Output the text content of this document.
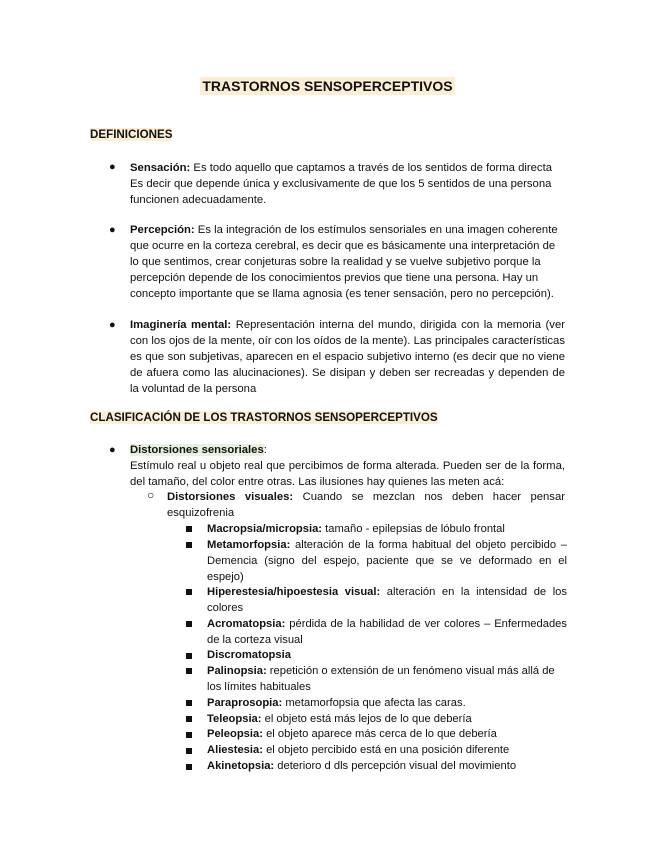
TRASTORNOS SENSOPERCEPTIVOS
DEFINICIONES
● Sensación: Es todo aquello que captamos a través de los sentidos de forma directa Es decir que depende única y exclusivamente de que los 5 sentidos de una persona funcionen adecuadamente.
● Percepción: Es la integración de los estímulos sensoriales en una imagen coherente que ocurre en la corteza cerebral, es decir que es básicamente una interpretación de lo que sentimos, crear conjeturas sobre la realidad y se vuelve subjetivo porque la percepción depende de los conocimientos previos que tiene una persona. Hay un concepto importante que se llama agnosia (es tener sensación, pero no percepción).
● Imaginería mental: Representación interna del mundo, dirigida con la memoria (ver con los ojos de la mente, oír con los oídos de la mente). Las principales características es que son subjetivas, aparecen en el espacio subjetivo interno (es decir que no viene de afuera como las alucinaciones). Se disipan y deben ser recreadas y dependen de la voluntad de la persona
CLASIFICACIÓN DE LOS TRASTORNOS SENSOPERCEPTIVOS
● Distorsiones sensoriales:
Estímulo real u objeto real que percibimos de forma alterada. Pueden ser de la forma, del tamaño, del color entre otras. Las ilusiones hay quienes las meten acá:
○ Distorsiones visuales: Cuando se mezclan nos deben hacer pensar esquizofrenia
Macropsia/micropsia: tamaño - epilepsias de lóbulo frontal
Metamorfopsia: alteración de la forma habitual del objeto percibido – Demencia (signo del espejo, paciente que se ve deformado en el espejo)
Hiperestesia/hipoestesia visual: alteración en la intensidad de los colores
Acromatopsia: pérdida de la habilidad de ver colores – Enfermedades de la corteza visual
Discromatopsia
Palinopsia: repetición o extensión de un fenómeno visual más allá de los límites habituales
Paraprosopia: metamorfopsia que afecta las caras.
Teleopsia: el objeto está más lejos de lo que debería
Peleopsia: el objeto aparece más cerca de lo que debería
Aliestesia: el objeto percibido está en una posición diferente
Akinetopsia: deterioro d dls percepción visual del movimiento
